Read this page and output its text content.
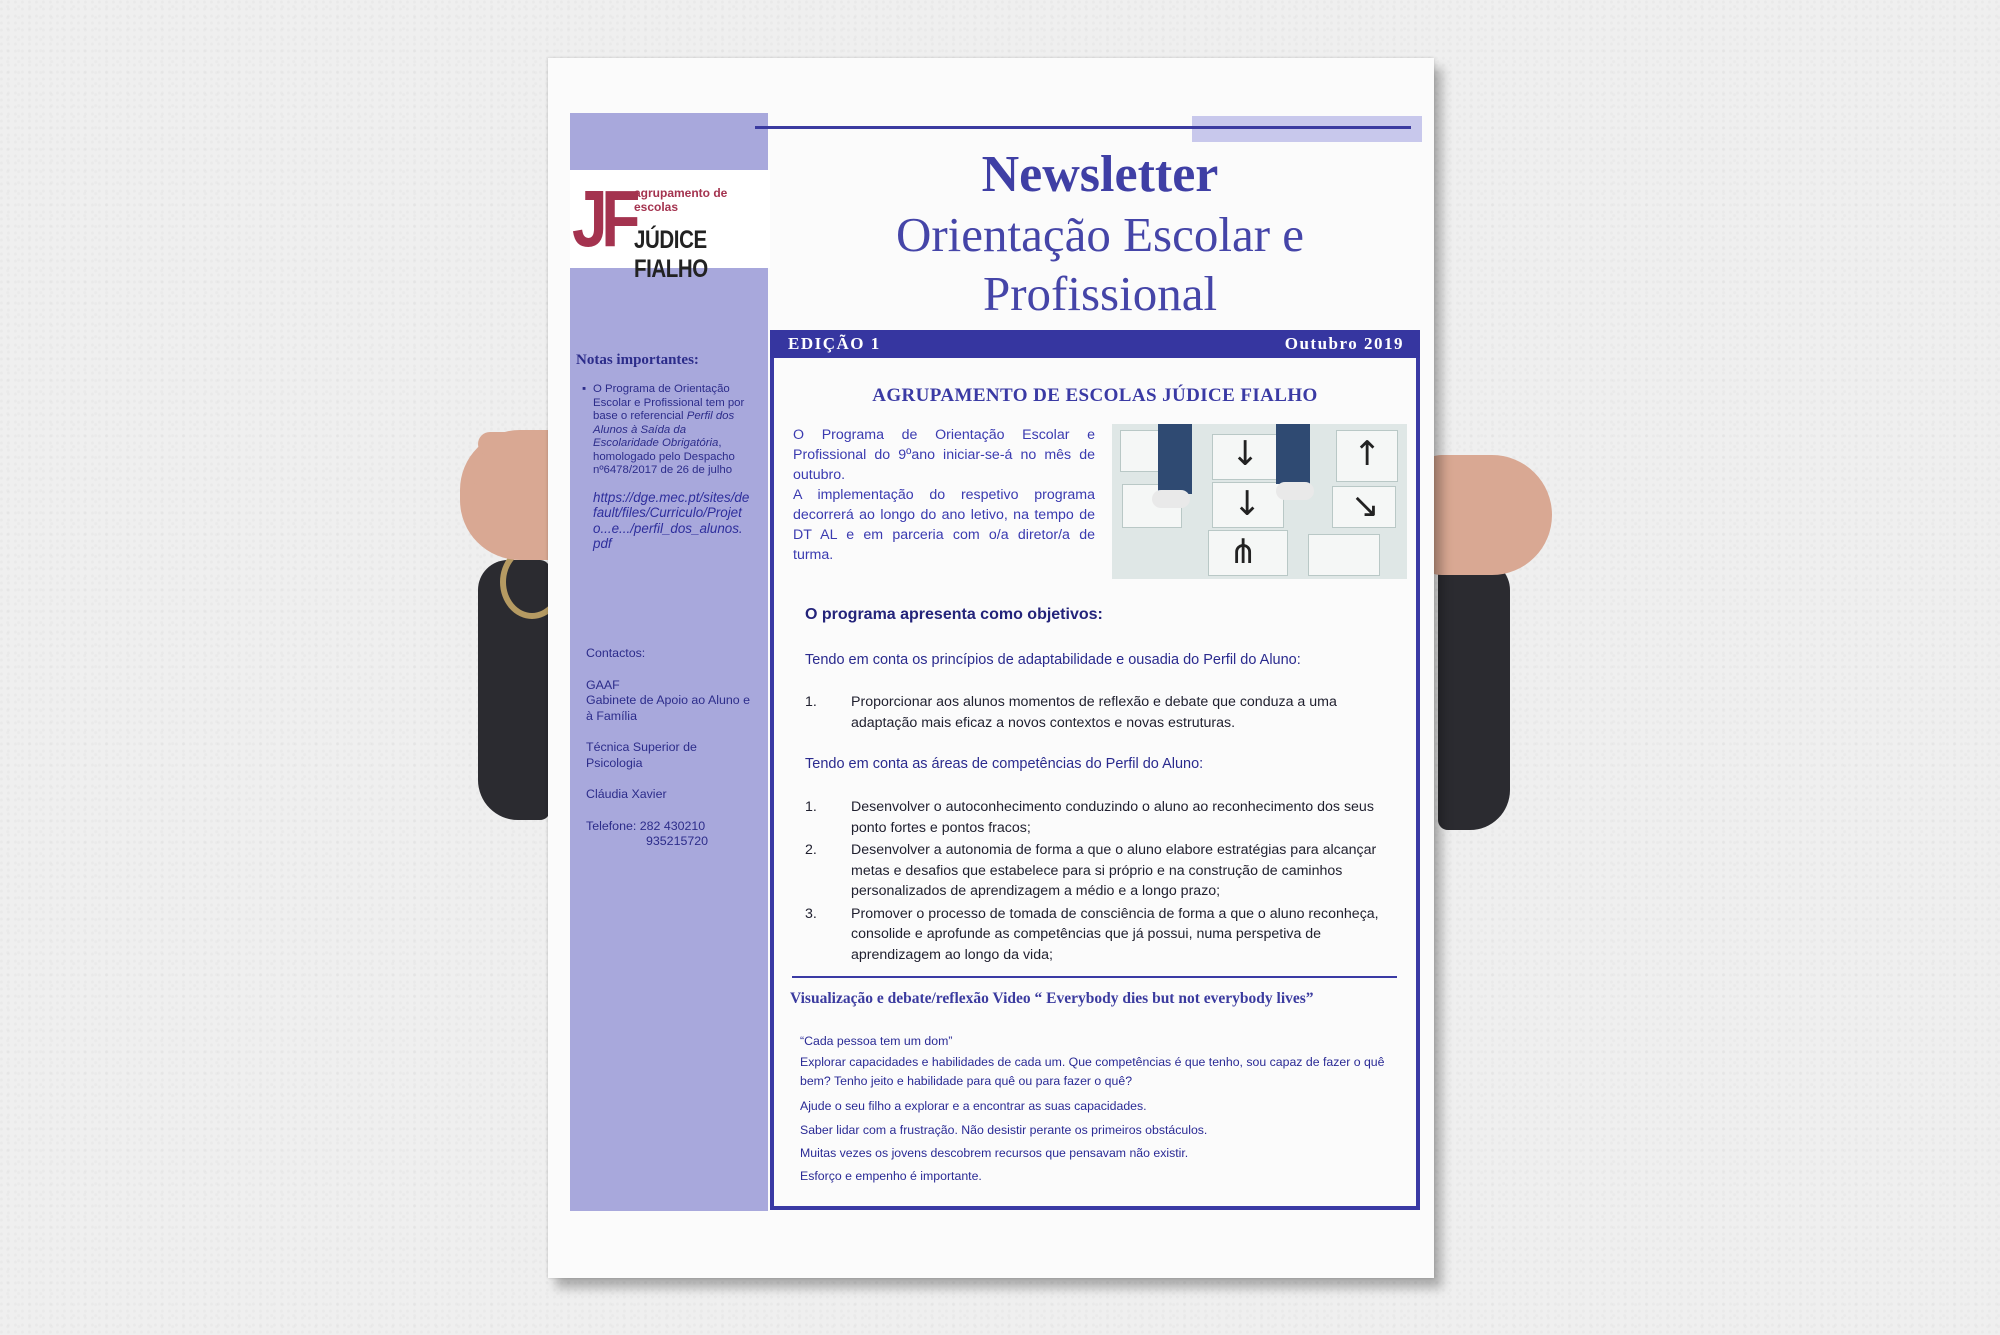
JF agrupamento de escolas
JÚDICE FIALHO
Newsletter
Orientação Escolar e
Profissional
EDIÇÃO 1	Outubro 2019
AGRUPAMENTO DE ESCOLAS JÚDICE FIALHO

O Programa de Orientação Escolar e Profissional do 9ºano iniciar-se-á no mês de outubro.

A implementação do respetivo programa decorrerá ao longo do ano letivo, na tempo de DT AL e em parceria com o/a diretor/a de turma.

↓	↑
↓	↘
⋔
O programa apresenta como objetivos:
Tendo em conta os princípios de adaptabilidade e ousadia do Perfil do Aluno:
1. Proporcionar aos alunos momentos de reflexão e debate que conduza a uma adaptação mais eficaz a novos contextos e novas estruturas.
Tendo em conta as áreas de competências do Perfil do Aluno:
1. Desenvolver o autoconhecimento conduzindo o aluno ao reconhecimento dos seus ponto fortes e pontos fracos;
2. Desenvolver a autonomia de forma a que o aluno elabore estratégias para alcançar metas e desafios que estabelece para si próprio e na construção de caminhos personalizados de aprendizagem a médio e a longo prazo;
3. Promover o processo de tomada de consciência de forma a que o aluno reconheça, consolide e aprofunde as competências que já possui, numa perspetiva de aprendizagem ao longo da vida;
Visualização e debate/reflexão Video “ Everybody dies but not everybody lives”
“Cada pessoa tem um dom”
Explorar capacidades e habilidades de cada um. Que competências é que tenho, sou capaz de fazer o quê bem? Tenho jeito e habilidade para quê ou para fazer o quê?
Ajude o seu filho a explorar e a encontrar as suas capacidades.
Saber lidar com a frustração. Não desistir perante os primeiros obstáculos.
Muitas vezes os jovens descobrem recursos que pensavam não existir.
Esforço e empenho é importante.
Notas importantes:
▪ O Programa de Orientação Escolar e Profissional tem por base o referencial Perfil dos Alunos à Saída da Escolaridade Obrigatória, homologado pelo Despacho nº6478/2017 de 26 de julho
https://dge.mec.pt/sites/default/files/Curriculo/Projeto...e.../perfil_dos_alunos.pdf
Contactos:
GAAF
Gabinete de Apoio ao Aluno e à Família
Técnica Superior de Psicologia
Cláudia Xavier
Telefone: 282 430210
935215720
